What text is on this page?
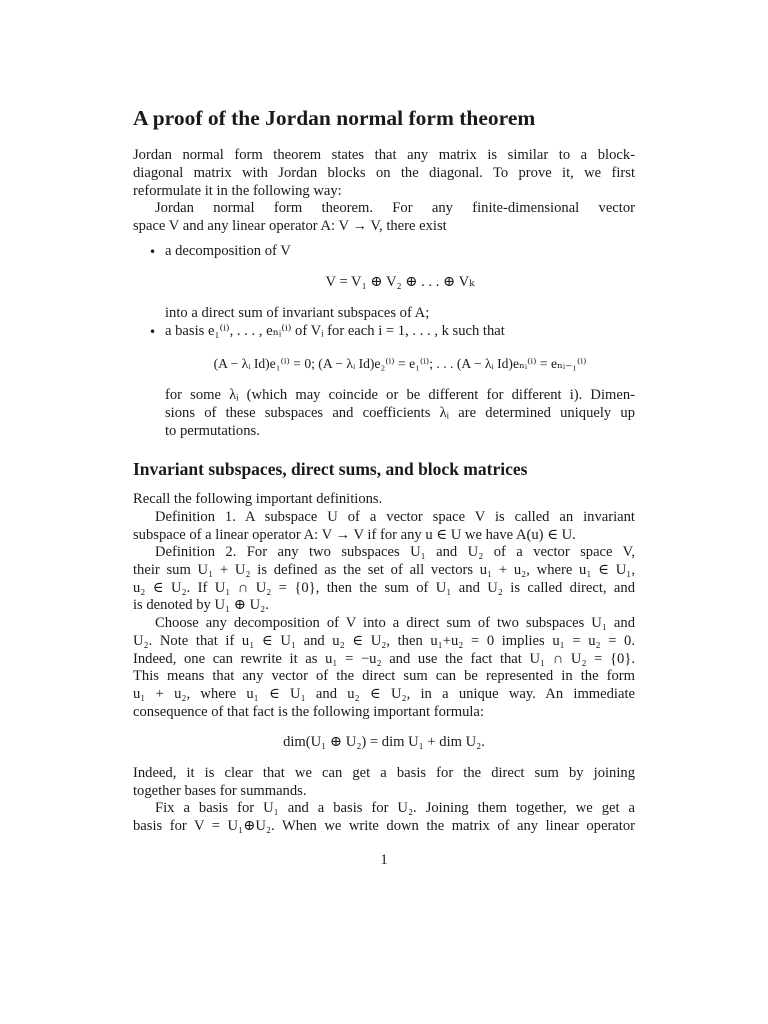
A proof of the Jordan normal form theorem
Jordan normal form theorem states that any matrix is similar to a block-
diagonal matrix with Jordan blocks on the diagonal. To prove it, we first
reformulate it in the following way:
Jordan normal form theorem. For any finite-dimensional vector
space V and any linear operator A: V → V, there exist
• a decomposition of V
V = V₁ ⊕ V₂ ⊕ . . . ⊕ Vₖ
into a direct sum of invariant subspaces of A;
• a basis e₁⁽ⁱ⁾, . . . , eₙᵢ⁽ⁱ⁾ of Vᵢ for each i = 1, . . . , k such that
(A − λᵢ Id)e₁⁽ⁱ⁾ = 0; (A − λᵢ Id)e₂⁽ⁱ⁾ = e₁⁽ⁱ⁾; . . . (A − λᵢ Id)eₙᵢ⁽ⁱ⁾ = eₙᵢ₋₁⁽ⁱ⁾
for some λᵢ (which may coincide or be different for different i). Dimen-
sions of these subspaces and coefficients λᵢ are determined uniquely up
to permutations.
Invariant subspaces, direct sums, and block matrices
Recall the following important definitions.
Definition 1. A subspace U of a vector space V is called an invariant
subspace of a linear operator A: V → V if for any u ∈ U we have A(u) ∈ U.
Definition 2. For any two subspaces U₁ and U₂ of a vector space V,
their sum U₁ + U₂ is defined as the set of all vectors u₁ + u₂, where u₁ ∈ U₁,
u₂ ∈ U₂. If U₁ ∩ U₂ = {0}, then the sum of U₁ and U₂ is called direct, and
is denoted by U₁ ⊕ U₂.
Choose any decomposition of V into a direct sum of two subspaces U₁ and
U₂. Note that if u₁ ∈ U₁ and u₂ ∈ U₂, then u₁+u₂ = 0 implies u₁ = u₂ = 0.
Indeed, one can rewrite it as u₁ = −u₂ and use the fact that U₁ ∩ U₂ = {0}.
This means that any vector of the direct sum can be represented in the form
u₁ + u₂, where u₁ ∈ U₁ and u₂ ∈ U₂, in a unique way. An immediate
consequence of that fact is the following important formula:
dim(U₁ ⊕ U₂) = dim U₁ + dim U₂.
Indeed, it is clear that we can get a basis for the direct sum by joining
together bases for summands.
Fix a basis for U₁ and a basis for U₂. Joining them together, we get a
basis for V = U₁⊕U₂. When we write down the matrix of any linear operator
1
